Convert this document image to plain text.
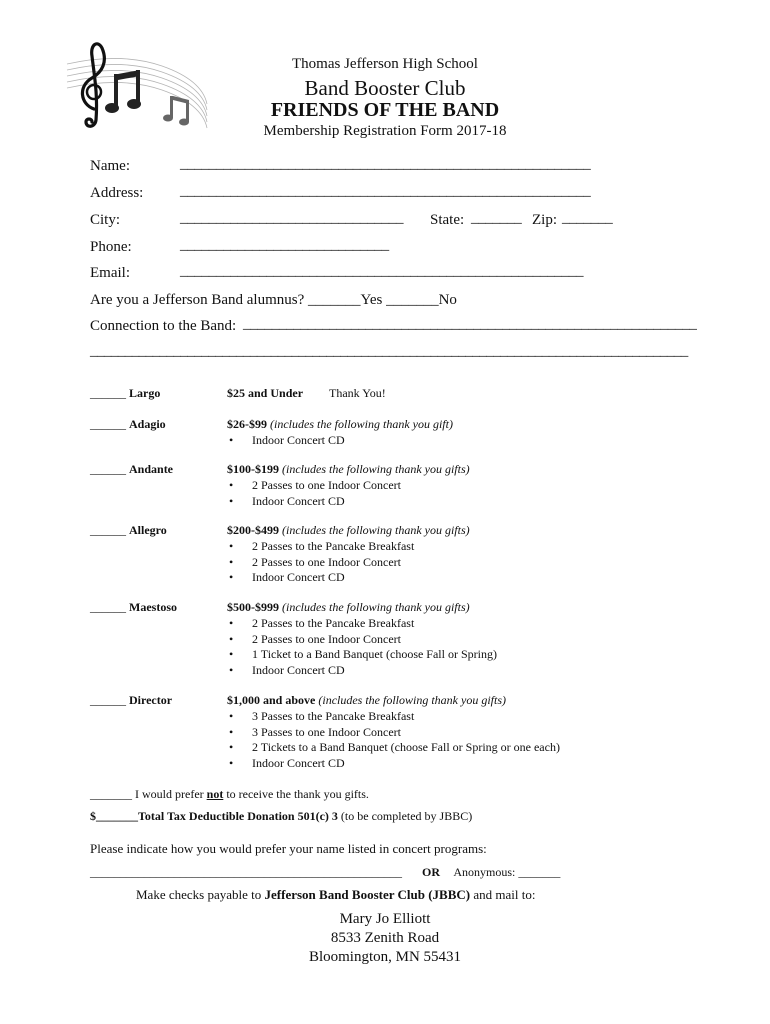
Thomas Jefferson High School
Band Booster Club
FRIENDS OF THE BAND
Membership Registration Form 2017-18
Name:	_________________________________________________________
Address: _________________________________________________________
City:	_______________________________ State: _______ Zip: _______
Phone:	_____________________________
Email:	________________________________________________________
Are you a Jefferson Band alumnus? _______Yes _______No
Connection to the Band: _______________________________________________________________
______________________________________________________________________________________
______ Largo	$25 and Under Thank You!
______ Adagio	$26-$99 (includes the following thank you gift)
• Indoor Concert CD
______ Andante	$100-$199 (includes the following thank you gifts)
• 2 Passes to one Indoor Concert
• Indoor Concert CD
______ Allegro	$200-$499 (includes the following thank you gifts)
• 2 Passes to the Pancake Breakfast
• 2 Passes to one Indoor Concert
• Indoor Concert CD
______ Maestoso	$500-$999 (includes the following thank you gifts)
• 2 Passes to the Pancake Breakfast
• 2 Passes to one Indoor Concert
• 1 Ticket to a Band Banquet (choose Fall or Spring)
• Indoor Concert CD
______ Director	$1,000 and above (includes the following thank you gifts)
• 3 Passes to the Pancake Breakfast
• 3 Passes to one Indoor Concert
• 2 Tickets to a Band Banquet (choose Fall or Spring or one each)
• Indoor Concert CD
_______ I would prefer not to receive the thank you gifts.
$_______Total Tax Deductible Donation 501(c) 3 (to be completed by JBBC)
Please indicate how you would prefer your name listed in concert programs:
____________________________________________________ OR Anonymous: _______
Make checks payable to Jefferson Band Booster Club (JBBC) and mail to:
Mary Jo Elliott
8533 Zenith Road
Bloomington, MN 55431
